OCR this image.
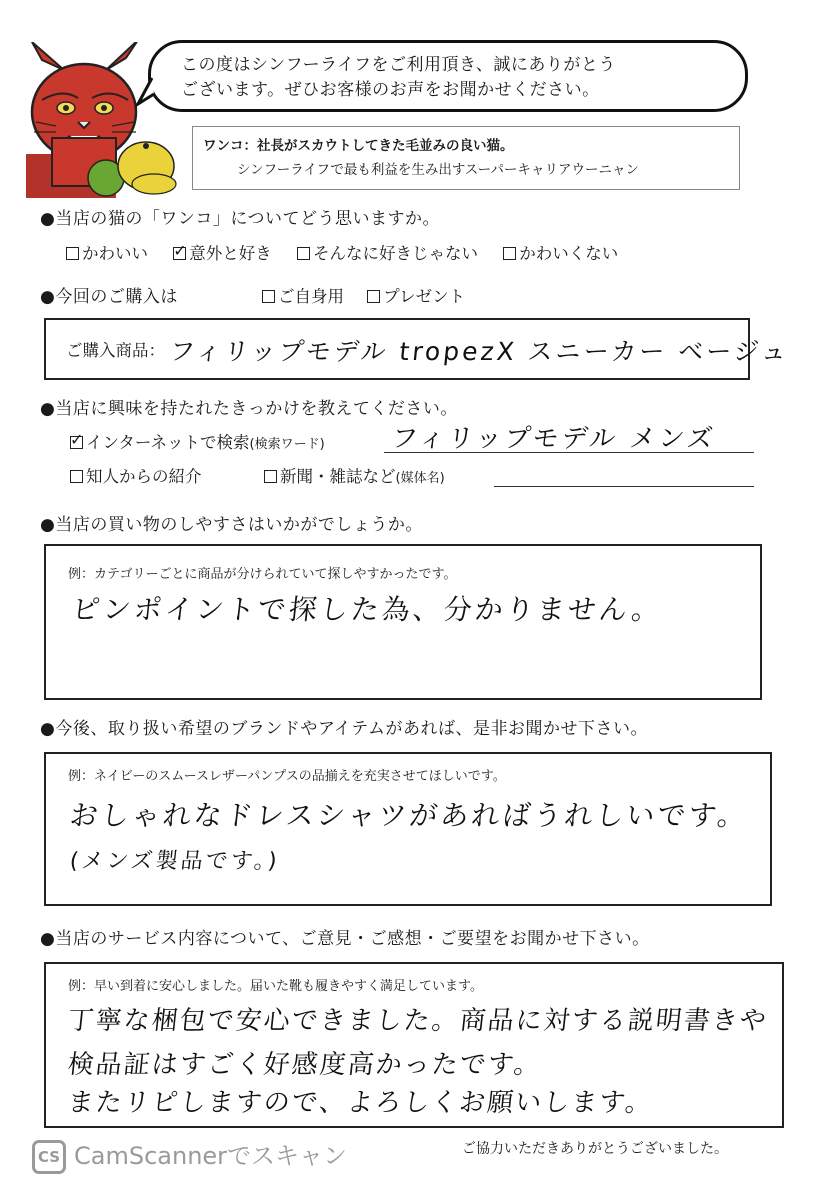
この度はシンフーライフをご利用頂き、誠にありがとう
ございます。ぜひお客様のお声をお聞かせください。
ワンコ：社長がスカウトしてきた毛並みの良い猫。
シンフーライフで最も利益を生み出すスーパーキャリアウーニャン
●当店の猫の「ワンコ」についてどう思いますか。
かわいい ✓	意外と好き	そんなに好きじゃない	かわいくない
●今回のご購入は	ご自身用 プレゼント
ご購入商品： フィリップモデル tropezX スニーカー ベージュ
●当店に興味を持たれたきっかけを教えてください。
✓インターネットで検索(検索ワード)	フィリップモデル メンズ
知人からの紹介	新聞・雑誌など(媒体名)
●当店の買い物のしやすさはいかがでしょうか。
例：カテゴリーごとに商品が分けられていて探しやすかったです。
ピンポイントで探した為、分かりません。
●今後、取り扱い希望のブランドやアイテムがあれば、是非お聞かせ下さい。
例：ネイビーのスムースレザーパンプスの品揃えを充実させてほしいです。
おしゃれなドレスシャツがあればうれしいです。
(メンズ製品です。)
●当店のサービス内容について、ご意見・ご感想・ご要望をお聞かせ下さい。
例：早い到着に安心しました。届いた靴も履きやすく満足しています。
丁寧な梱包で安心できました。商品に対する説明書きや
検品証はすごく好感度高かったです。
またリピしますので、よろしくお願いします。
CS CamScannerでスキャン	ご協力いただきありがとうございました。
